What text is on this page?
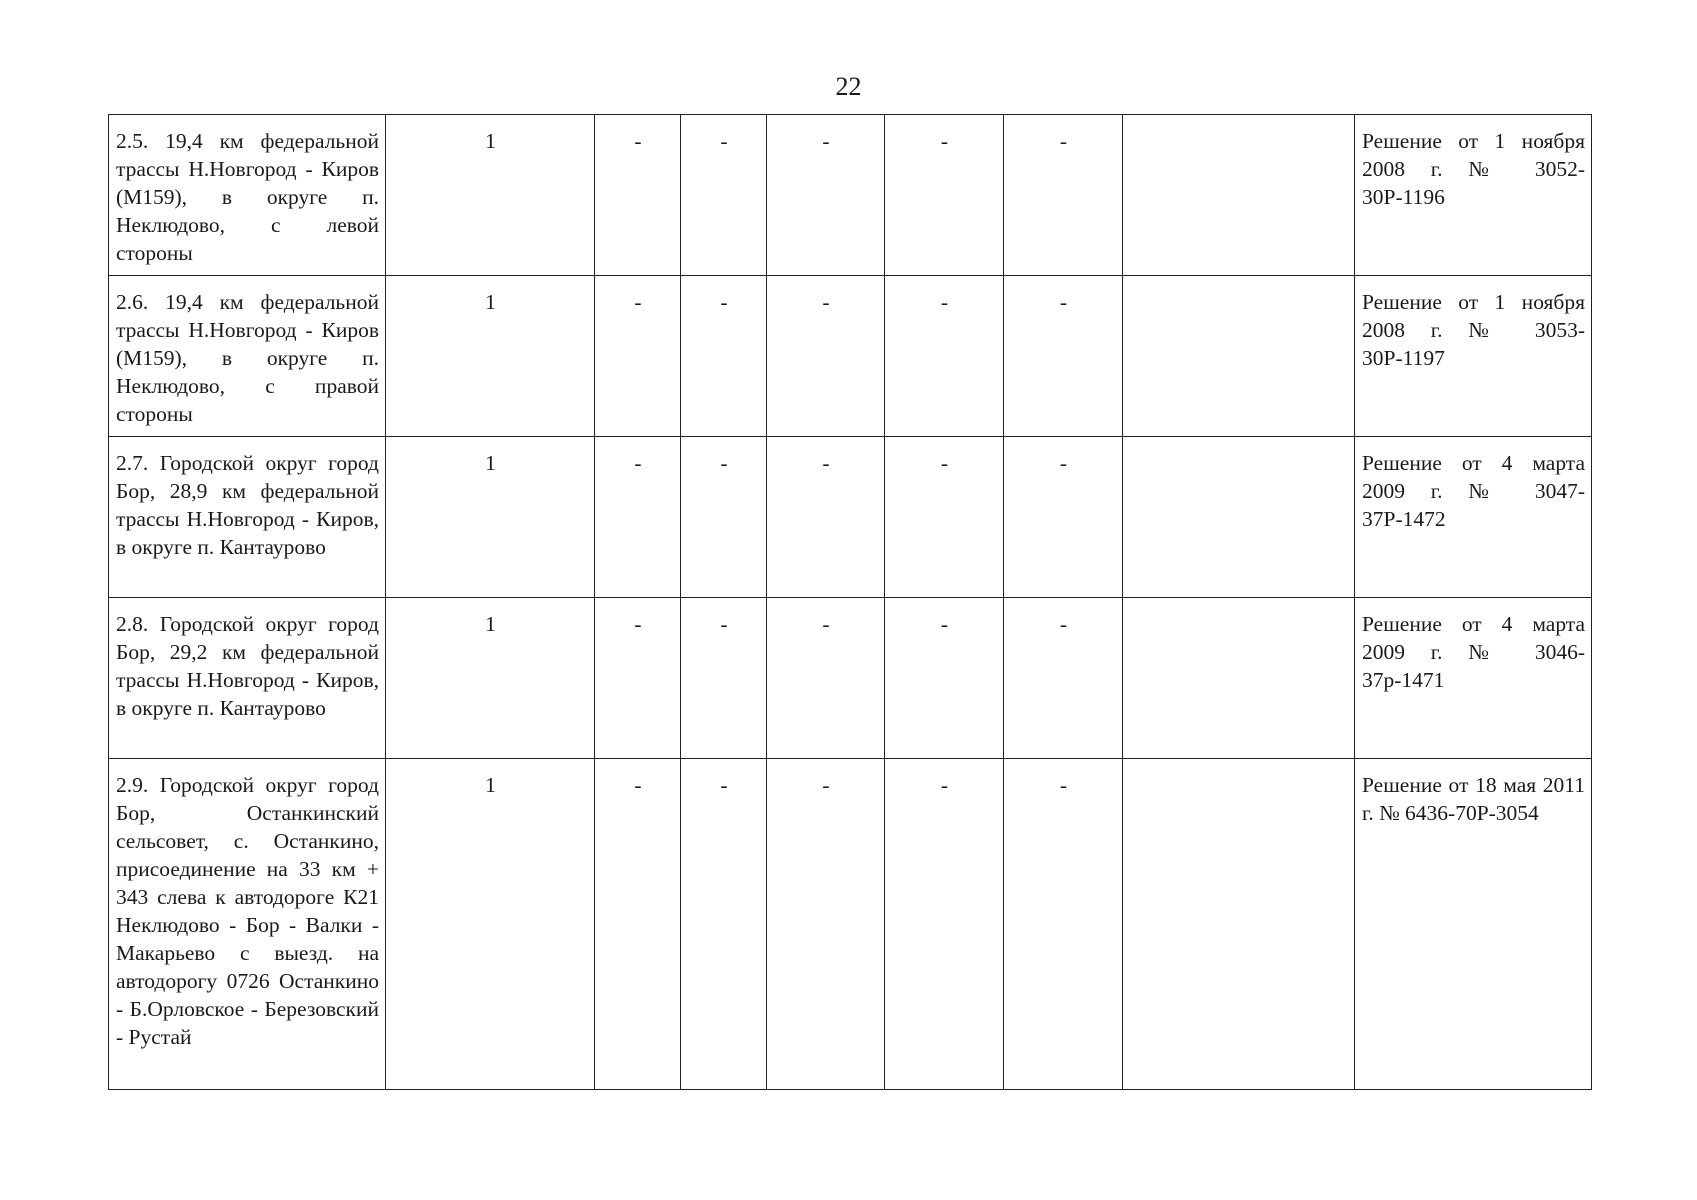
22
2.5. 19,4 км федеральной трассы Н.Новгород - Киров (М159), в округе п. Неклюдово, с левой стороны	1	-	-	-	-	-		Решение от 1 ноября 2008 г. № 3052-30Р-1196
2.6. 19,4 км федеральной трассы Н.Новгород - Киров (М159), в округе п. Неклюдово, с правой стороны	1	-	-	-	-	-		Решение от 1 ноября 2008 г. № 3053-30Р-1197
2.7. Городской округ город Бор, 28,9 км федеральной трассы Н.Новгород - Киров, в округе п. Кантаурово	1	-	-	-	-	-		Решение от 4 марта 2009 г. № 3047-37Р-1472
2.8. Городской округ город Бор, 29,2 км федеральной трассы Н.Новгород - Киров, в округе п. Кантаурово	1	-	-	-	-	-		Решение от 4 марта 2009 г. № 3046-37р-1471
2.9. Городской округ город Бор, Останкинский сельсовет, с. Останкино, присоединение на 33 км + 343 слева к автодороге К21 Неклюдово - Бор - Валки - Макарьево с выезд. на автодорогу 0726 Останкино - Б.Орловское - Березовский - Рустай	1	-	-	-	-	-		Решение от 18 мая 2011 г. № 6436-70Р-3054
